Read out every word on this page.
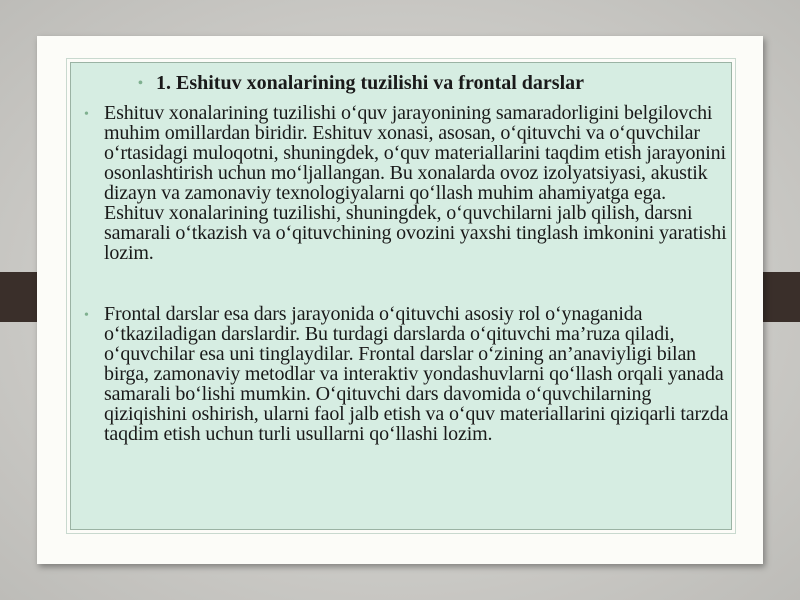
• 1. Eshituv xonalarining tuzilishi va frontal darslar
• Eshituv xonalarining tuzilishi o‘quv jarayonining samaradorligini belgilovchi muhim omillardan biridir. Eshituv xonasi, asosan, o‘qituvchi va o‘quvchilar o‘rtasidagi muloqotni, shuningdek, o‘quv materiallarini taqdim etish jarayonini osonlashtirish uchun mo‘ljallangan. Bu xonalarda ovoz izolyatsiyasi, akustik dizayn va zamonaviy texnologiyalarni qo‘llash muhim ahamiyatga ega. Eshituv xonalarining tuzilishi, shuningdek, o‘quvchilarni jalb qilish, darsni samarali o‘tkazish va o‘qituvchining ovozini yaxshi tinglash imkonini yaratishi lozim.
• Frontal darslar esa dars jarayonida o‘qituvchi asosiy rol o‘ynaganida o‘tkaziladigan darslardir. Bu turdagi darslarda o‘qituvchi ma’ruza qiladi, o‘quvchilar esa uni tinglaydilar. Frontal darslar o‘zining an’anaviyligi bilan birga, zamonaviy metodlar va interaktiv yondashuvlarni qo‘llash orqali yanada samarali bo‘lishi mumkin. O‘qituvchi dars davomida o‘quvchilarning qiziqishini oshirish, ularni faol jalb etish va o‘quv materiallarini qiziqarli tarzda taqdim etish uchun turli usullarni qo‘llashi lozim.
